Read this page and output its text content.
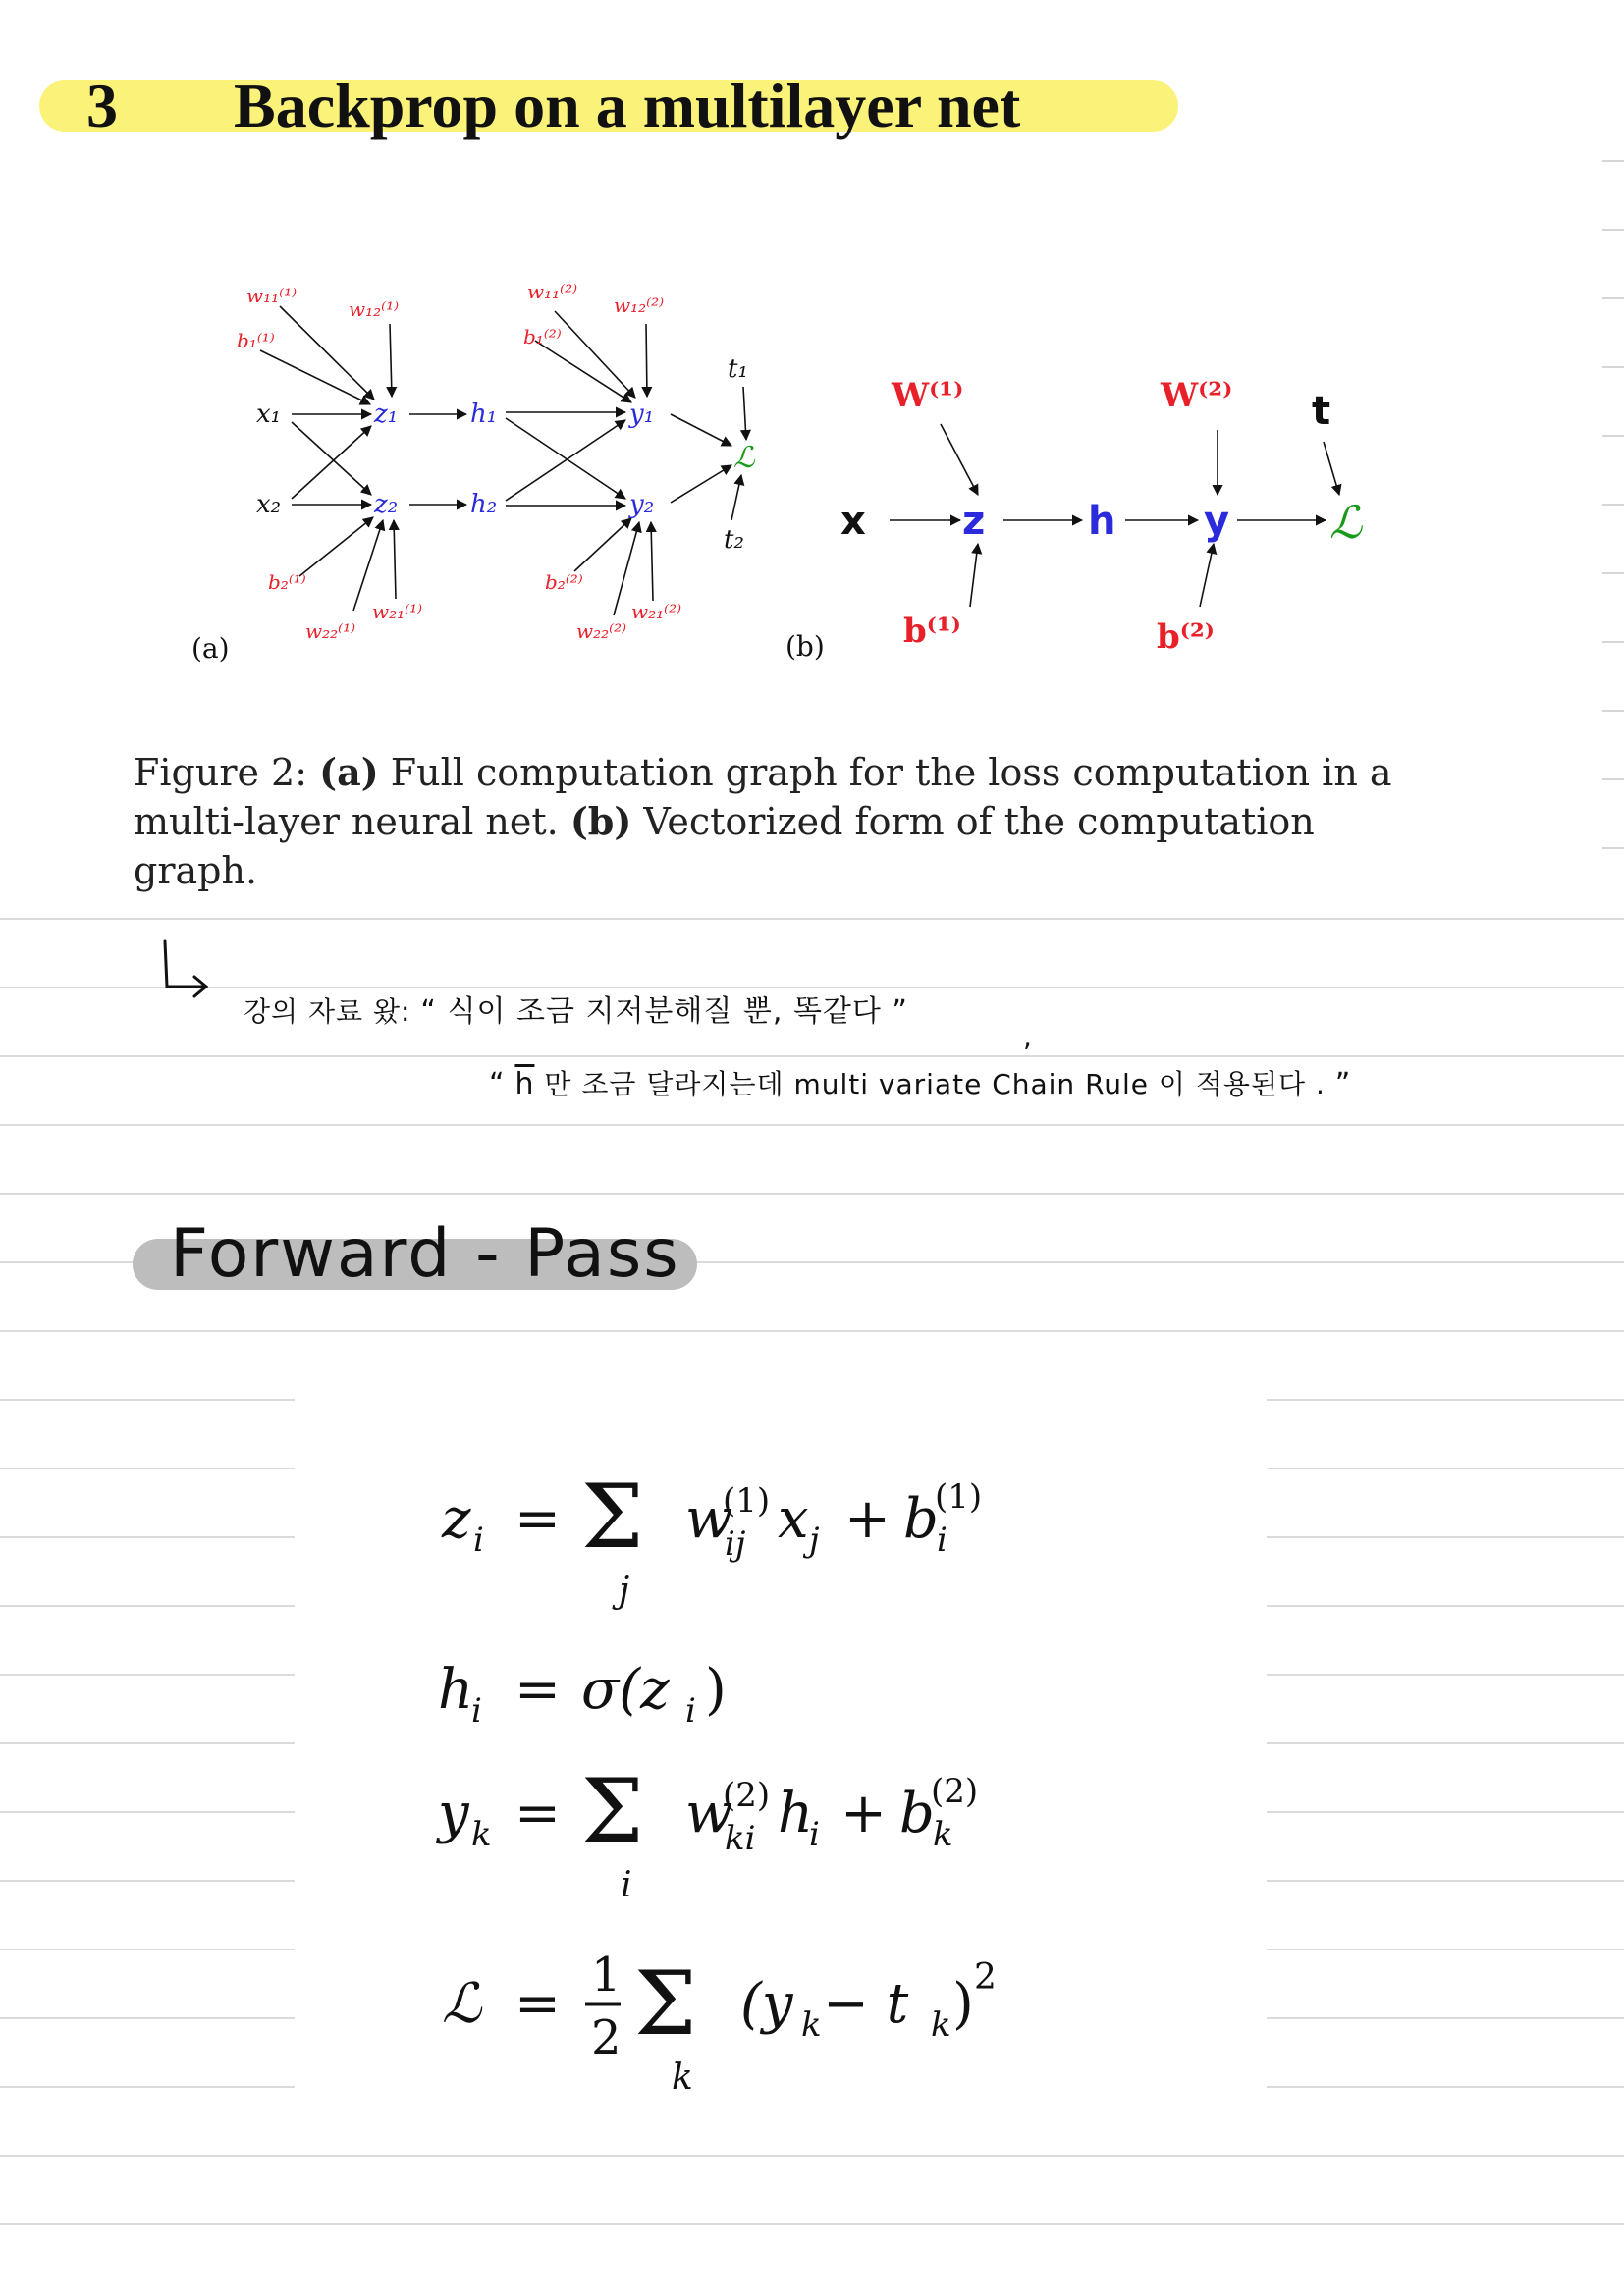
3 Backprop on a multilayer net
w₁₁⁽¹⁾
w₁₂⁽¹⁾
b₁⁽¹⁾
b₂⁽¹⁾
w₂₂⁽¹⁾
w₂₁⁽¹⁾
w₁₁⁽²⁾
w₁₂⁽²⁾
b₁⁽²⁾
b₂⁽²⁾
w₂₂⁽²⁾
w₂₁⁽²⁾
x₁
x₂
t₁
t₂
z₁
z₂
h₁
h₂
y₁
y₂
ℒ
(a)
x z	h y
t
W⁽¹⁾	W⁽²⁾
b⁽¹⁾	b⁽²⁾
ℒ
(b)
Figure 2: (a) Full computation graph for the loss computation in a multi-layer neural net. (b) Vectorized form of the computation graph.
강의 자료 왔: “ 식이 조금 지저분해질 뿐, 똑같다 ”
,
“ $\overline{h}$ 만 조금 달라지는데 multi variate Chain Rule 이 적용된다 . ”
Forward - Pass
z i = Σ
j
w
(1)
ij x j + b
(1)
i
h
i = σ(z i )
y k = Σ
i
w
(2)
ki h
i + b
(2)
k
ℒ = 1
2 Σ
k
(y k − t k ) 2
